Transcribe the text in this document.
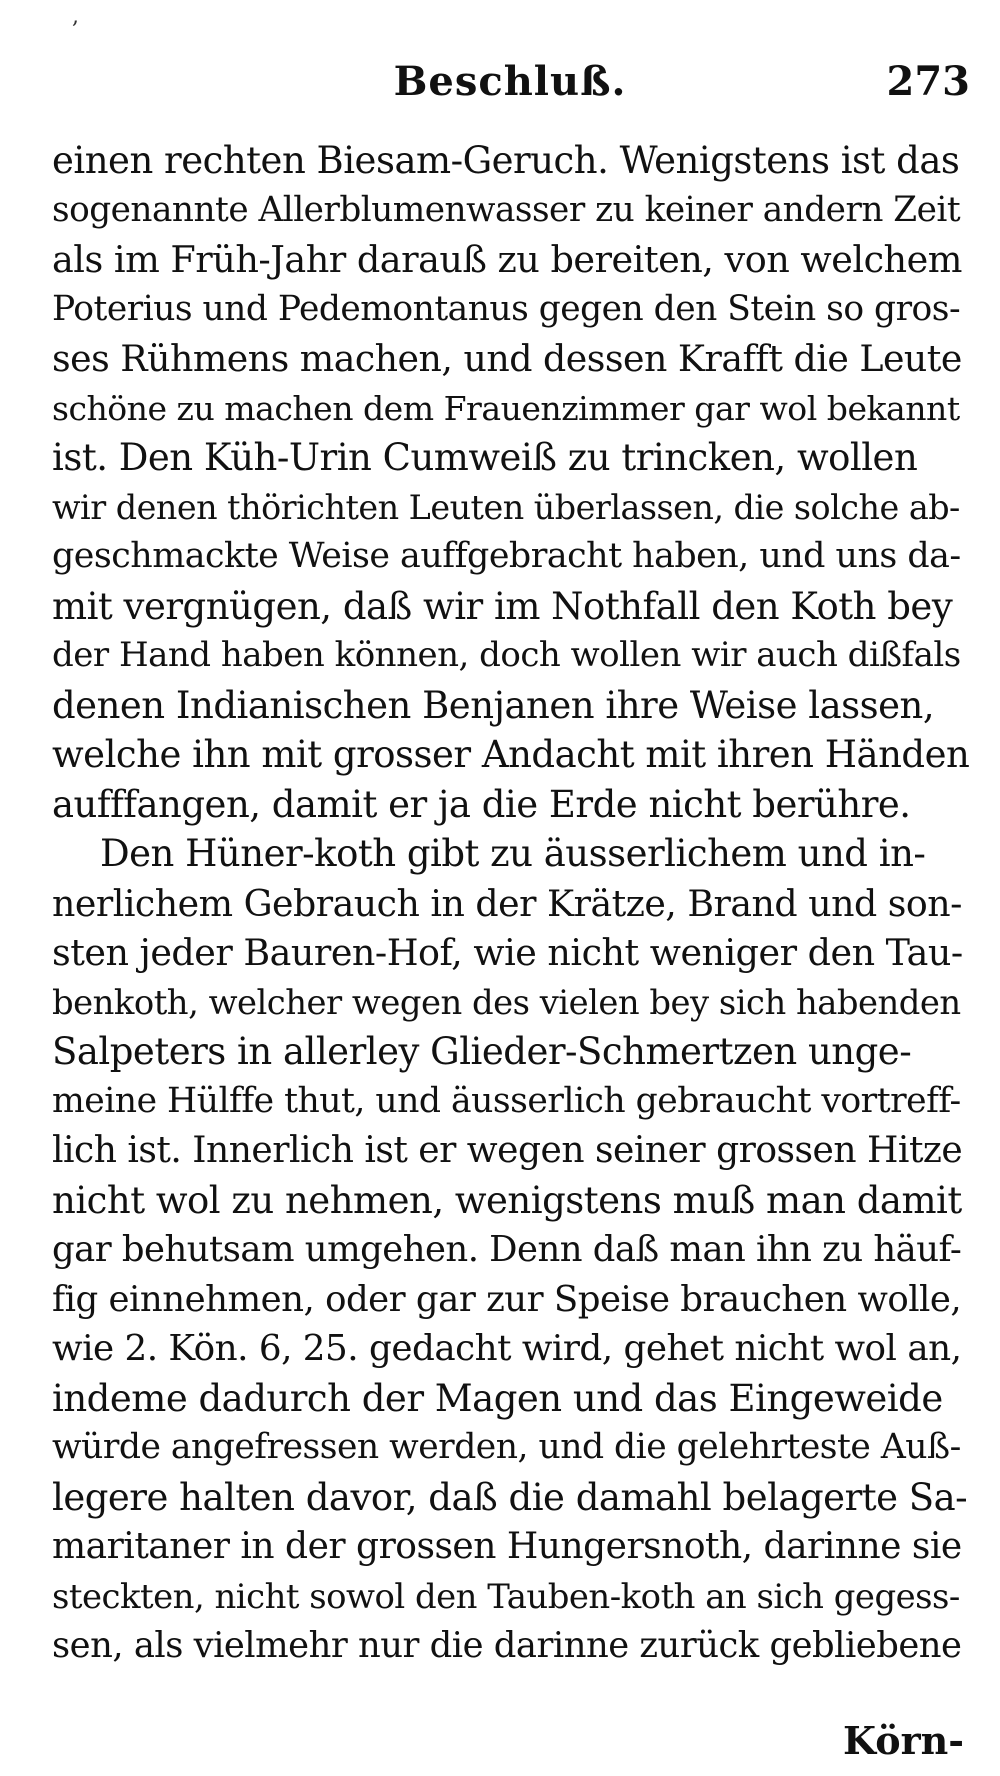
,
Beschluß.	273
einen rechten Biesam-Geruch. Wenigstens ist das
sogenannte Allerblumenwasser zu keiner andern Zeit
als im Früh-Jahr darauß zu bereiten, von welchem
Poterius und Pedemontanus gegen den Stein so gros-
ses Rühmens machen, und dessen Krafft die Leute
schöne zu machen dem Frauenzimmer gar wol bekannt
ist. Den Küh-Urin Cumweiß zu trincken, wollen
wir denen thörichten Leuten überlassen, die solche ab-
geschmackte Weise auffgebracht haben, und uns da-
mit vergnügen, daß wir im Nothfall den Koth bey
der Hand haben können, doch wollen wir auch dißfals
denen Indianischen Benjanen ihre Weise lassen,
welche ihn mit grosser Andacht mit ihren Händen
aufffangen, damit er ja die Erde nicht berühre.
Den Hüner-koth gibt zu äusserlichem und in-
nerlichem Gebrauch in der Krätze, Brand und son-
sten jeder Bauren-Hof, wie nicht weniger den Tau-
benkoth, welcher wegen des vielen bey sich habenden
Salpeters in allerley Glieder-Schmertzen unge-
meine Hülffe thut, und äusserlich gebraucht vortreff-
lich ist. Innerlich ist er wegen seiner grossen Hitze
nicht wol zu nehmen, wenigstens muß man damit
gar behutsam umgehen. Denn daß man ihn zu häuf-
fig einnehmen, oder gar zur Speise brauchen wolle,
wie 2. Kön. 6, 25. gedacht wird, gehet nicht wol an,
indeme dadurch der Magen und das Eingeweide
würde angefressen werden, und die gelehrteste Auß-
legere halten davor, daß die damahl belagerte Sa-
maritaner in der grossen Hungersnoth, darinne sie
steckten, nicht sowol den Tauben-koth an sich gegess-
sen, als vielmehr nur die darinne zurück gebliebene
Körn-
